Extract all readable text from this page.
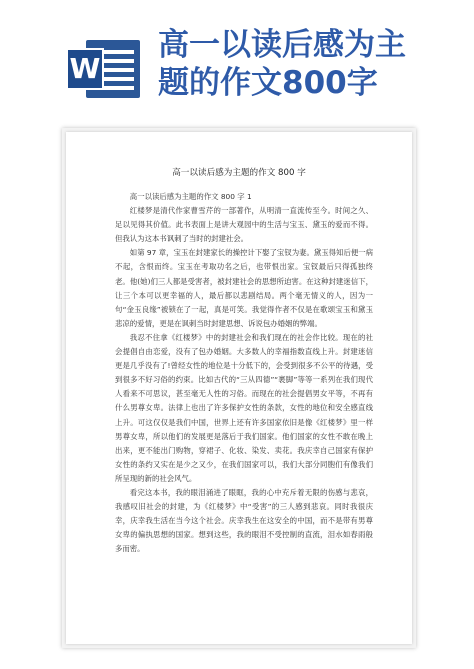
W
高一以读后感为主
题的作文800字
高一以读后感为主题的作文 800 字

高一以读后感为主题的作文 800 字 1

红楼梦是清代作家曹雪芹的一部著作，从明清一直流传至今。时间之久、足以见得其价值。此书表面上是讲大观园中的生活与宝玉、黛玉的爱而不得。但我认为这本书讽刺了当时的封建社会。

如第 97 章，宝玉在封建家长的操控计下娶了宝钗为妻。黛玉得知后便一病不起，含恨而终。宝玉在考取功名之后，也带恨出家。宝钗最后只得孤独终老。他(她)们三人都是受害者，被封建社会的思想所迫害。在这种封建迷信下，让三个本可以更幸福的人，最后都以悲剧结局。两个毫无情义的人，因为一句“金玉良缘”被锁在了一起，真是可笑。我觉得作者不仅是在歌颂宝玉和黛玉悲凉的爱情，更是在讽刺当时封建思想、诉说包办婚姻的弊端。

我忍不住拿《红楼梦》中的封建社会和我们现在的社会作比较。现在的社会提倡自由恋爱，没有了包办婚姻。大多数人的幸福指数直线上升。封建迷信更是几乎没有了!曾经女性的地位是十分低下的，会受到很多不公平的待遇，受到很多不好习俗的约束。比如古代的“三从四德”“裹脚”等等一系列在我们现代人看来不可思议，甚至毫无人性的习俗。而现在的社会提倡男女平等，不再有什么男尊女卑。法律上也出了许多保护女性的条款，女性的地位和安全感直线上升。可这仅仅是我们中国，世界上还有许多国家依旧是像《红楼梦》里一样男尊女卑，所以他们的发展更是落后于我们国家。他们国家的女性不敢在晚上出来，更不能出门购物，穿裙子、化妆、染发、卖花。我庆幸自己国家有保护女性的条约又实在是少之又少，在我们国家可以，我们大部分同胞们有像我们所呈现的新的社会风气。

看完这本书，我的眼泪涌进了眼眶，我的心中充斥着无限的伤感与悲哀，我感叹旧社会的封建，为《红楼梦》中“受害”的三人感到悲哀。同时我很庆幸，庆幸我生活在当今这个社会。庆幸我生在这安全的中国，而不是带有男尊女卑的偏执思想的国家。想到这些，我的眼泪不受控制的直流，泪水如春雨般多而密。
